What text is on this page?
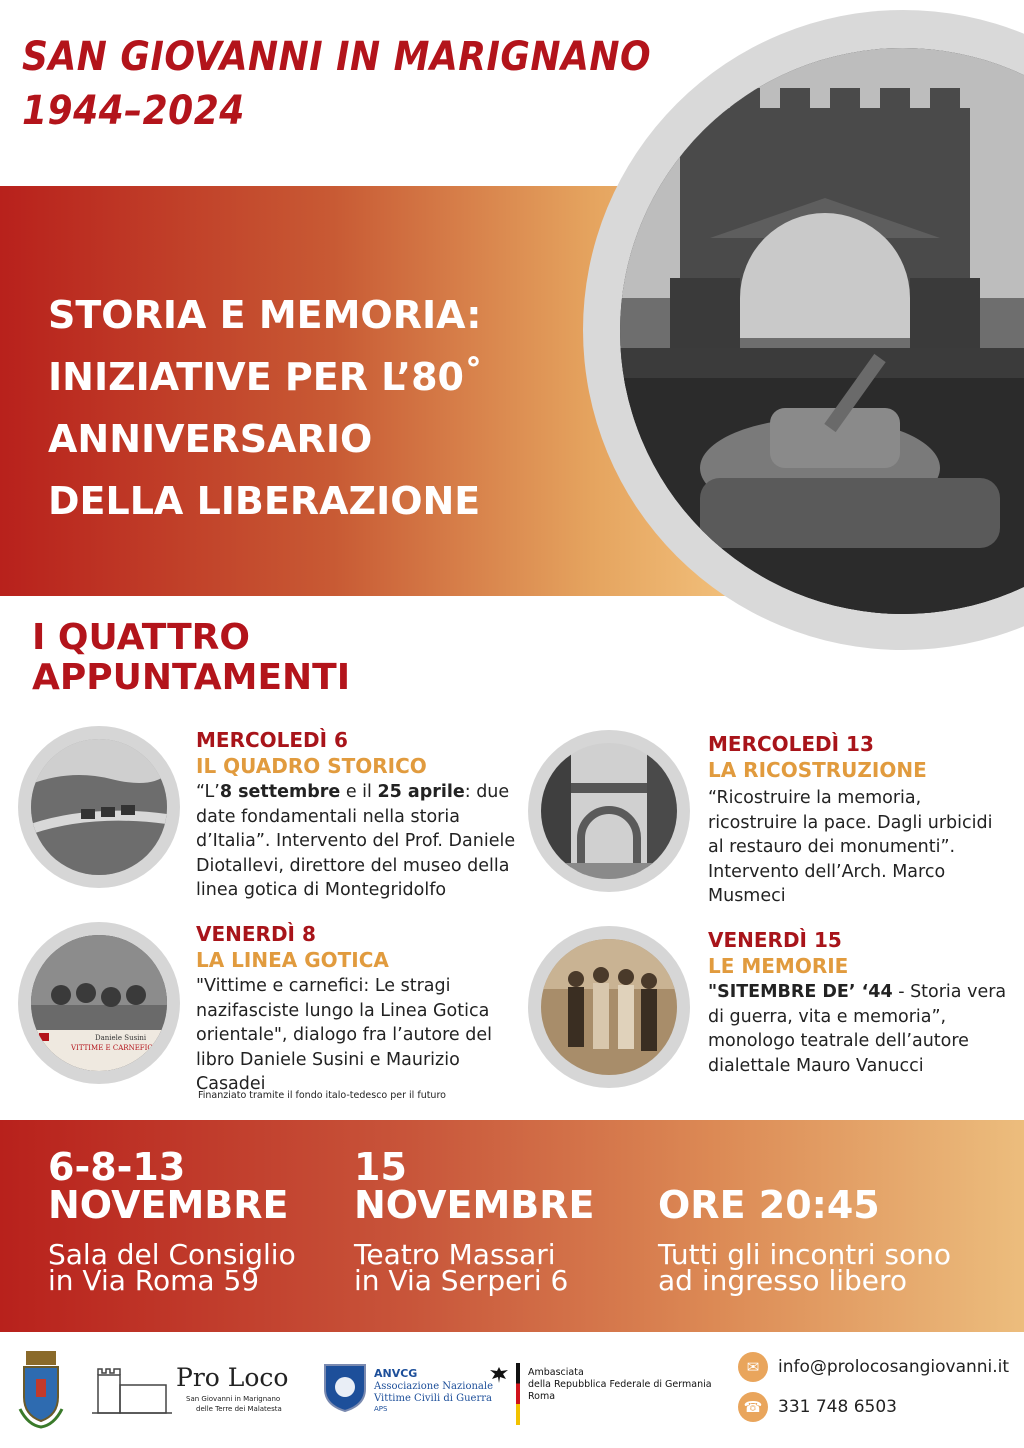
SAN GIOVANNI IN MARIGNANO
1944–2024
STORIA E MEMORIA:
INIZIATIVE PER L’80˚
ANNIVERSARIO
DELLA LIBERAZIONE
I QUATTRO
APPUNTAMENTI
MERCOLEDÌ 6
IL QUADRO STORICO
“L’8 settembre e il 25 aprile: due date fondamentali nella storia d’Italia”. Intervento del Prof. Daniele Diotallevi, direttore del museo della linea gotica di Montegridolfo
MERCOLEDÌ 13
LA RICOSTRUZIONE
“Ricostruire la memoria, ricostruire la pace. Dagli urbicidi al restauro dei monumenti”. Intervento dell’Arch. Marco Musmeci
Daniele Susini
VITTIME E CARNEFICI
VENERDÌ 8
LA LINEA GOTICA
"Vittime e carnefici: Le stragi nazifasciste lungo la Linea Gotica orientale", dialogo fra l’autore del libro Daniele Susini e Maurizio Casadei
Finanziato tramite il fondo italo-tedesco per il futuro
VENERDÌ 15
LE MEMORIE
"SITEMBRE DE’ ‘44 - Storia vera di guerra, vita e memoria”, monologo teatrale dell’autore dialettale Mauro Vanucci
6-8-13
NOVEMBRE
Sala del Consiglio
in Via Roma 59
15
NOVEMBRE
Teatro Massari
in Via Serperi 6
ORE 20:45
Tutti gli incontri sono
ad ingresso libero
Pro Loco
San Giovanni in Marignano
delle Terre dei Malatesta
ANVCG
Associazione Nazionale
Vittime Civili di Guerra
APS
Ambasciata
della Repubblica Federale di Germania
Roma
✉	info@prolocosangiovanni.it
☎ 331 748 6503
